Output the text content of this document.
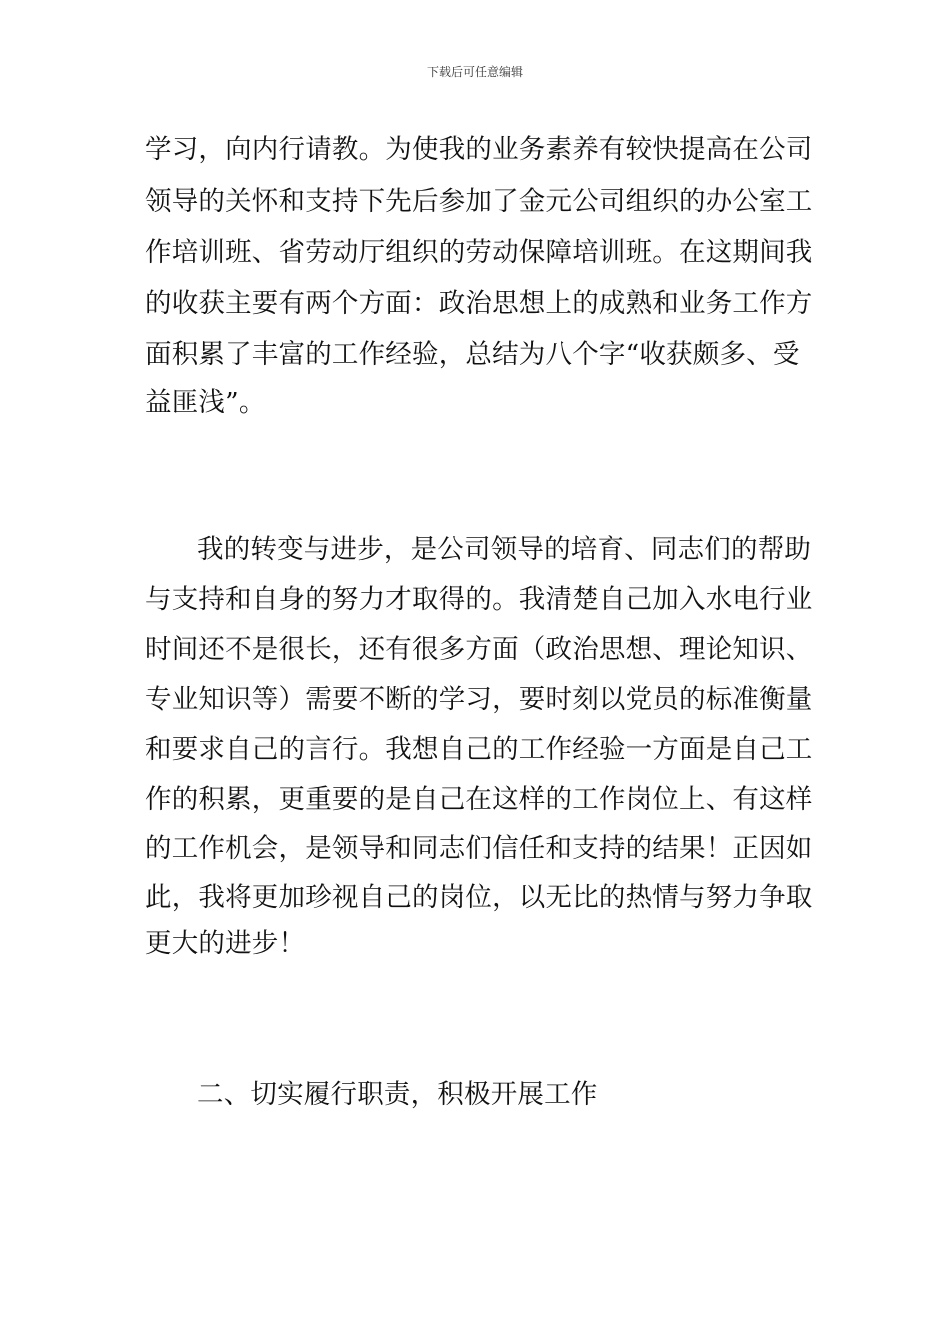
下载后可任意编辑
学习，向内行请教。为使我的业务素养有较快提高在公司
领导的关怀和支持下先后参加了金元公司组织的办公室工
作培训班、省劳动厅组织的劳动保障培训班。在这期间我
的收获主要有两个方面：政治思想上的成熟和业务工作方
面积累了丰富的工作经验，总结为八个字“收获颇多、受
益匪浅”。
我的转变与进步，是公司领导的培育、同志们的帮助
与支持和自身的努力才取得的。我清楚自己加入水电行业
时间还不是很长，还有很多方面（政治思想、理论知识、
专业知识等）需要不断的学习，要时刻以党员的标准衡量
和要求自己的言行。我想自己的工作经验一方面是自己工
作的积累，更重要的是自己在这样的工作岗位上、有这样
的工作机会，是领导和同志们信任和支持的结果！正因如
此，我将更加珍视自己的岗位，以无比的热情与努力争取
更大的进步！
二、切实履行职责，积极开展工作
